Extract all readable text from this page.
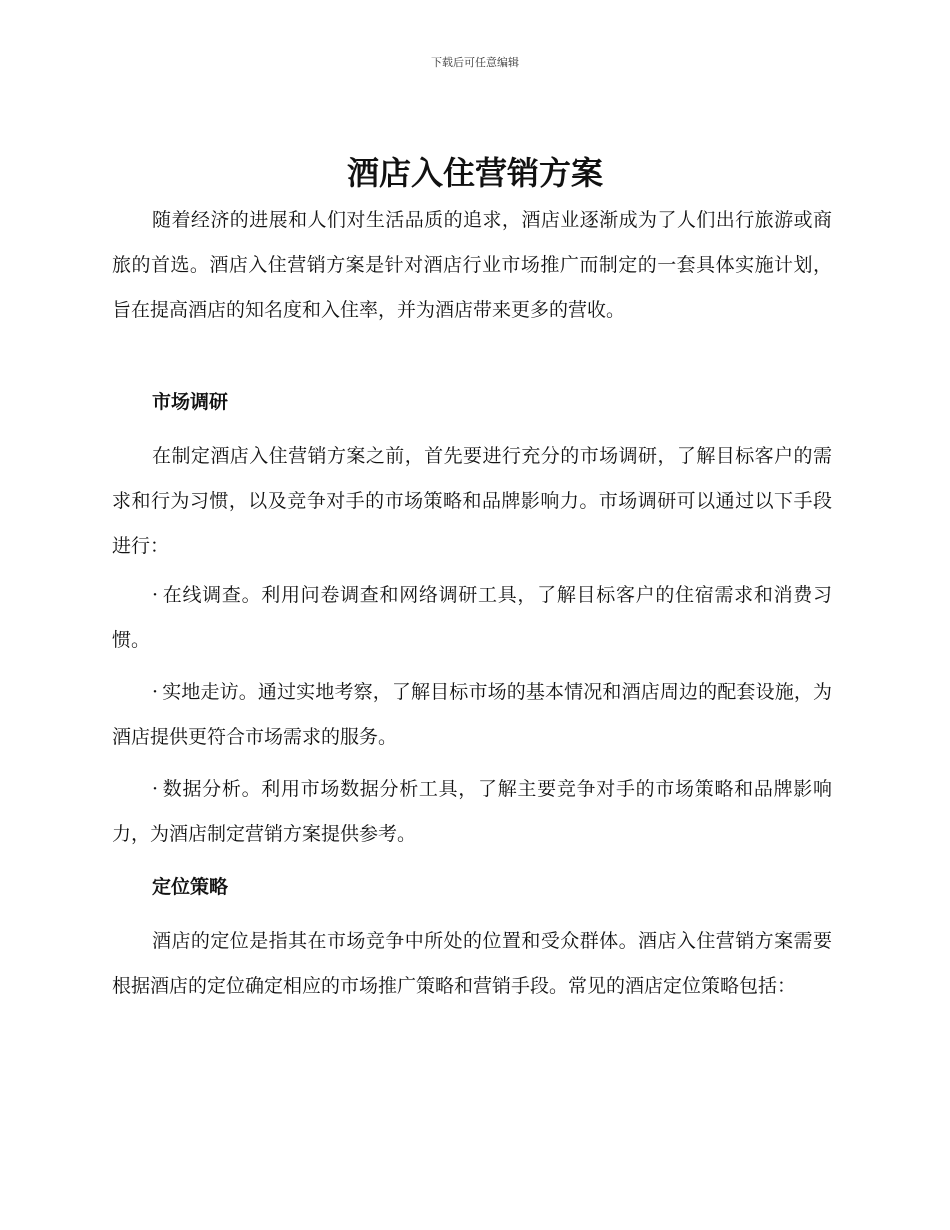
下载后可任意编辑
酒店入住营销方案

随着经济的进展和人们对生活品质的追求，酒店业逐渐成为了人们出行旅游或商旅的首选。酒店入住营销方案是针对酒店行业市场推广而制定的一套具体实施计划，旨在提高酒店的知名度和入住率，并为酒店带来更多的营收。

市场调研

在制定酒店入住营销方案之前，首先要进行充分的市场调研，了解目标客户的需求和行为习惯，以及竞争对手的市场策略和品牌影响力。市场调研可以通过以下手段进行：

· 在线调查。利用问卷调查和网络调研工具，了解目标客户的住宿需求和消费习惯。

· 实地走访。通过实地考察，了解目标市场的基本情况和酒店周边的配套设施，为酒店提供更符合市场需求的服务。

· 数据分析。利用市场数据分析工具，了解主要竞争对手的市场策略和品牌影响力，为酒店制定营销方案提供参考。

定位策略

酒店的定位是指其在市场竞争中所处的位置和受众群体。酒店入住营销方案需要根据酒店的定位确定相应的市场推广策略和营销手段。常见的酒店定位策略包括：
